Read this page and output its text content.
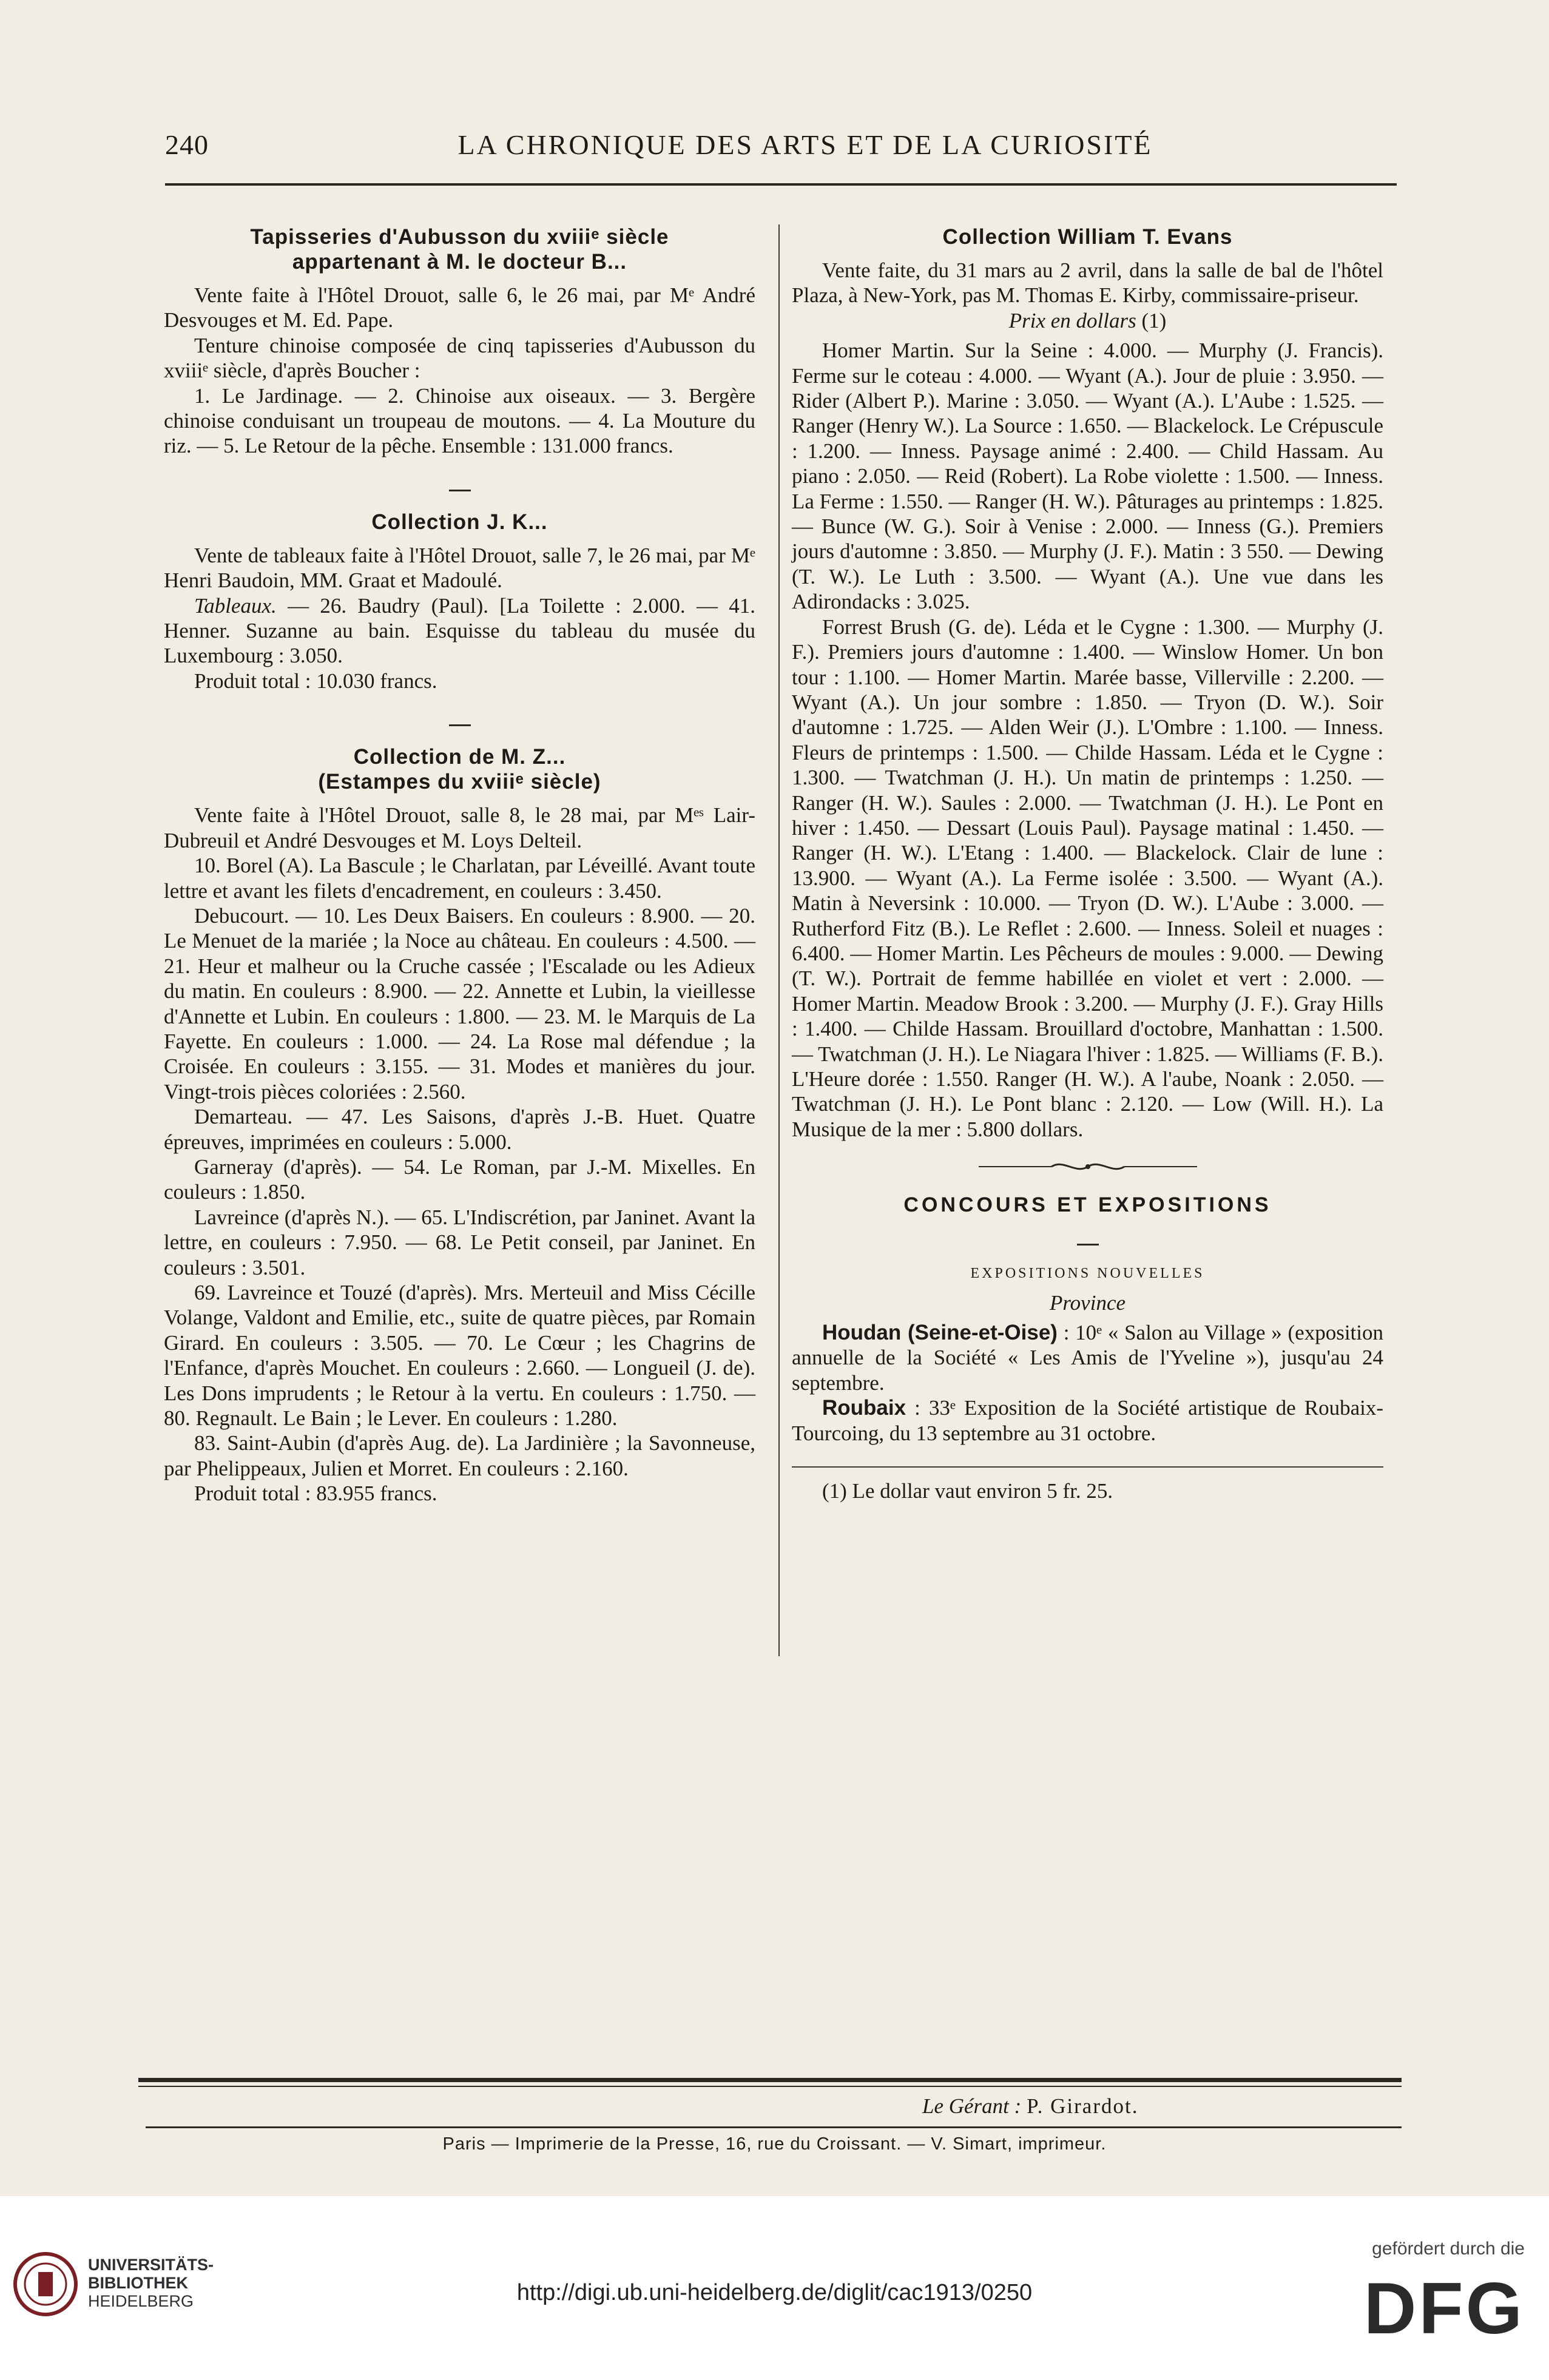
240	LA CHRONIQUE DES ARTS ET DE LA CURIOSITÉ
Tapisseries d'Aubusson du xviiiᵉ siècle
appartenant à M. le docteur B...

Vente faite à l'Hôtel Drouot, salle 6, le 26 mai, par Mᵉ André Desvouges et M. Ed. Pape.

Tenture chinoise composée de cinq tapisseries d'Aubusson du xviiiᵉ siècle, d'après Boucher :

1. Le Jardinage. — 2. Chinoise aux oiseaux. — 3. Bergère chinoise conduisant un troupeau de moutons. — 4. La Mouture du riz. — 5. Le Retour de la pêche. Ensemble : 131.000 francs.

Collection J. K...

Vente de tableaux faite à l'Hôtel Drouot, salle 7, le 26 mai, par Mᵉ Henri Baudoin, MM. Graat et Madoulé.

Tableaux. — 26. Baudry (Paul). [La Toilette : 2.000. — 41. Henner. Suzanne au bain. Esquisse du tableau du musée du Luxembourg : 3.050.

Produit total : 10.030 francs.

Collection de M. Z...
(Estampes du xviiiᵉ siècle)

Vente faite à l'Hôtel Drouot, salle 8, le 28 mai, par Mᵉˢ Lair-Dubreuil et André Desvouges et M. Loys Delteil.

10. Borel (A). La Bascule ; le Charlatan, par Léveillé. Avant toute lettre et avant les filets d'encadrement, en couleurs : 3.450.

Debucourt. — 10. Les Deux Baisers. En couleurs : 8.900. — 20. Le Menuet de la mariée ; la Noce au château. En couleurs : 4.500. — 21. Heur et malheur ou la Cruche cassée ; l'Escalade ou les Adieux du matin. En couleurs : 8.900. — 22. Annette et Lubin, la vieillesse d'Annette et Lubin. En couleurs : 1.800. — 23. M. le Marquis de La Fayette. En couleurs : 1.000. — 24. La Rose mal défendue ; la Croisée. En couleurs : 3.155. — 31. Modes et manières du jour. Vingt-trois pièces coloriées : 2.560.

Demarteau. — 47. Les Saisons, d'après J.-B. Huet. Quatre épreuves, imprimées en couleurs : 5.000.

Garneray (d'après). — 54. Le Roman, par J.-M. Mixelles. En couleurs : 1.850.

Lavreince (d'après N.). — 65. L'Indiscrétion, par Janinet. Avant la lettre, en couleurs : 7.950. — 68. Le Petit conseil, par Janinet. En couleurs : 3.501.

69. Lavreince et Touzé (d'après). Mrs. Merteuil and Miss Cécille Volange, Valdont and Emilie, etc., suite de quatre pièces, par Romain Girard. En couleurs : 3.505. — 70. Le Cœur ; les Chagrins de l'Enfance, d'après Mouchet. En couleurs : 2.660. — Longueil (J. de). Les Dons imprudents ; le Retour à la vertu. En couleurs : 1.750. — 80. Regnault. Le Bain ; le Lever. En couleurs : 1.280.

83. Saint-Aubin (d'après Aug. de). La Jardinière ; la Savonneuse, par Phelippeaux, Julien et Morret. En couleurs : 2.160.

Produit total : 83.955 francs.

Collection William T. Evans

Vente faite, du 31 mars au 2 avril, dans la salle de bal de l'hôtel Plaza, à New-York, pas M. Thomas E. Kirby, commissaire-priseur.

Prix en dollars (1)

Homer Martin. Sur la Seine : 4.000. — Murphy (J. Francis). Ferme sur le coteau : 4.000. — Wyant (A.). Jour de pluie : 3.950. — Rider (Albert P.). Marine : 3.050. — Wyant (A.). L'Aube : 1.525. — Ranger (Henry W.). La Source : 1.650. — Blackelock. Le Crépuscule : 1.200. — Inness. Paysage animé : 2.400. — Child Hassam. Au piano : 2.050. — Reid (Robert). La Robe violette : 1.500. — Inness. La Ferme : 1.550. — Ranger (H. W.). Pâturages au printemps : 1.825. — Bunce (W. G.). Soir à Venise : 2.000. — Inness (G.). Premiers jours d'automne : 3.850. — Murphy (J. F.). Matin : 3 550. — Dewing (T. W.). Le Luth : 3.500. — Wyant (A.). Une vue dans les Adirondacks : 3.025.

Forrest Brush (G. de). Léda et le Cygne : 1.300. — Murphy (J. F.). Premiers jours d'automne : 1.400. — Winslow Homer. Un bon tour : 1.100. — Homer Martin. Marée basse, Villerville : 2.200. — Wyant (A.). Un jour sombre : 1.850. — Tryon (D. W.). Soir d'automne : 1.725. — Alden Weir (J.). L'Ombre : 1.100. — Inness. Fleurs de printemps : 1.500. — Childe Hassam. Léda et le Cygne : 1.300. — Twatchman (J. H.). Un matin de printemps : 1.250. — Ranger (H. W.). Saules : 2.000. — Twatchman (J. H.). Le Pont en hiver : 1.450. — Dessart (Louis Paul). Paysage matinal : 1.450. — Ranger (H. W.). L'Etang : 1.400. — Blackelock. Clair de lune : 13.900. — Wyant (A.). La Ferme isolée : 3.500. — Wyant (A.). Matin à Neversink : 10.000. — Tryon (D. W.). L'Aube : 3.000. — Rutherford Fitz (B.). Le Reflet : 2.600. — Inness. Soleil et nuages : 6.400. — Homer Martin. Les Pêcheurs de moules : 9.000. — Dewing (T. W.). Portrait de femme habillée en violet et vert : 2.000. — Homer Martin. Meadow Brook : 3.200. — Murphy (J. F.). Gray Hills : 1.400. — Childe Hassam. Brouillard d'octobre, Manhattan : 1.500. — Twatchman (J. H.). Le Niagara l'hiver : 1.825. — Williams (F. B.). L'Heure dorée : 1.550. Ranger (H. W.). A l'aube, Noank : 2.050. — Twatchman (J. H.). Le Pont blanc : 2.120. — Low (Will. H.). La Musique de la mer : 5.800 dollars.

CONCOURS ET EXPOSITIONS
EXPOSITIONS NOUVELLES
Province

Houdan (Seine-et-Oise) : 10ᵉ « Salon au Village » (exposition annuelle de la Société « Les Amis de l'Yveline »), jusqu'au 24 septembre.

Roubaix : 33ᵉ Exposition de la Société artistique de Roubaix-Tourcoing, du 13 septembre au 31 octobre.

(1) Le dollar vaut environ 5 fr. 25.

Le Gérant : P. Girardot.
Paris — Imprimerie de la Presse, 16, rue du Croissant. — V. Simart, imprimeur.
UNIVERSITÄTS-
BIBLIOTHEK
HEIDELBERG	http://digi.ub.uni-heidelberg.de/diglit/cac1913/0250
gefördert durch die
DFG
